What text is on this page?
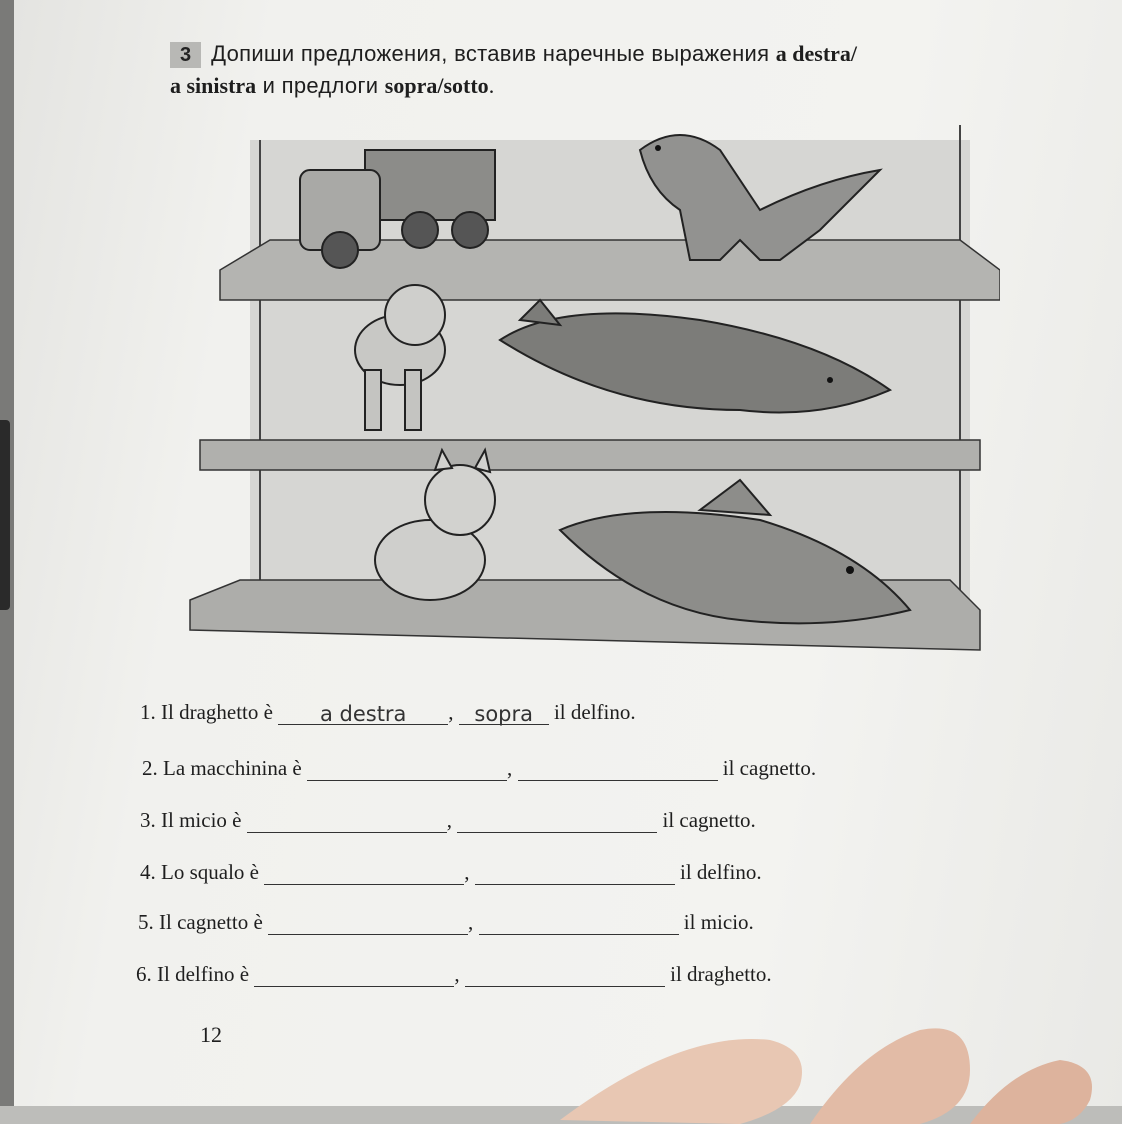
3 Допиши предложения, вставив наречные выражения a destra/
a sinistra и предлоги sopra/sotto.
1. Il draghetto è a destra , sopra il delfino.
2. La macchinina è	,	il cagnetto.
3. Il micio è	,	il cagnetto.
4. Lo squalo è	,	il delfino.
5. Il cagnetto è	,	il micio.
6. Il delfino è	,	il draghetto.
12
